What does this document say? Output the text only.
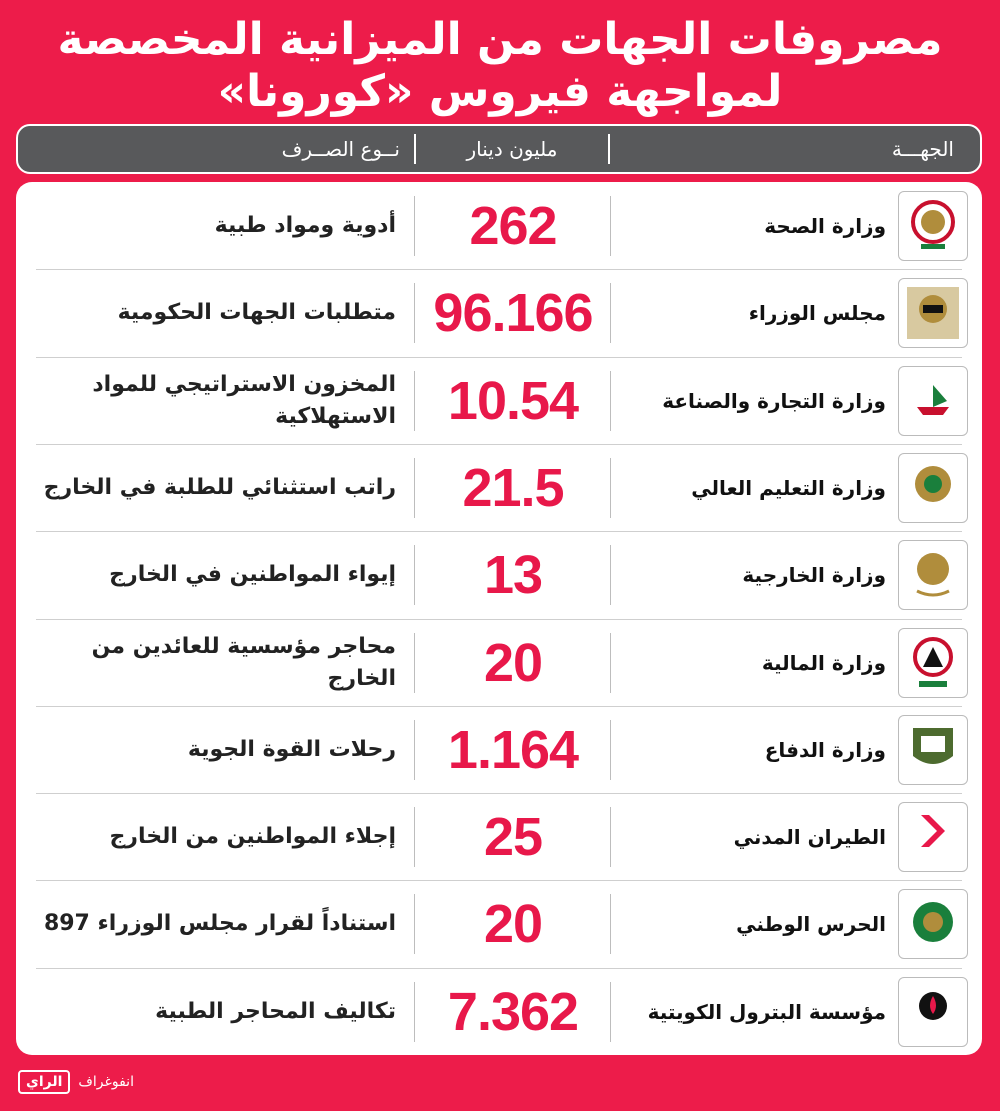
مصروفات الجهات من الميزانية المخصصة
لمواجهة فيروس «كورونا»
الجهـــة
مليون دينار
نــوع الصــرف
وزارة الصحة
262
أدوية ومواد طبية
مجلس الوزراء
96.166
متطلبات الجهات الحكومية
وزارة التجارة والصناعة
10.54
المخزون الاستراتيجي للمواد الاستهلاكية
وزارة التعليم العالي
21.5
راتب استثنائي للطلبة في الخارج
وزارة الخارجية
13
إيواء المواطنين في الخارج
وزارة المالية
20
محاجر مؤسسية للعائدين من الخارج
وزارة الدفاع
1.164
رحلات القوة الجوية
الطيران المدني
25
إجلاء المواطنين من الخارج
الحرس الوطني
20
استناداً لقرار مجلس الوزراء 897
مؤسسة البترول الكويتية
7.362
تكاليف المحاجر الطبية
الراي	انفوغراف
